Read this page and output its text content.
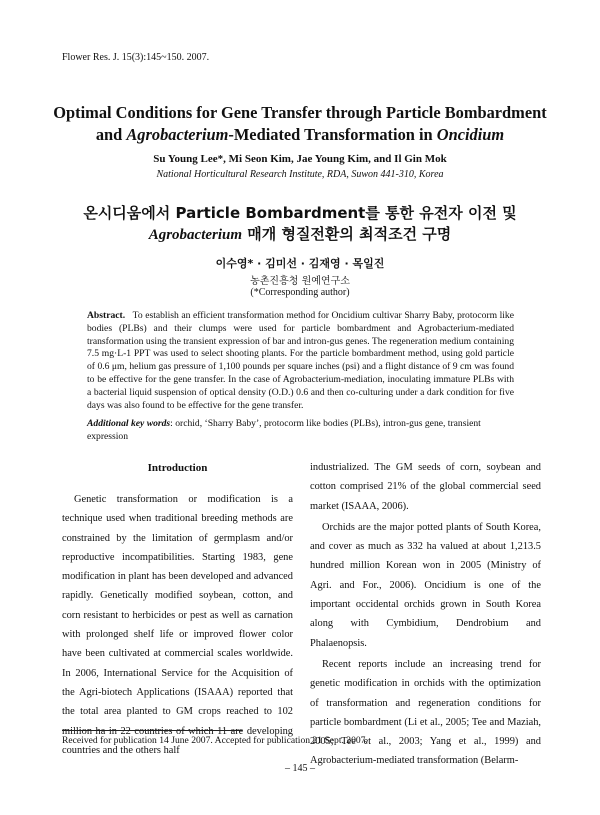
Flower Res. J. 15(3):145~150. 2007.
Optimal Conditions for Gene Transfer through Particle Bombardment
and Agrobacterium-Mediated Transformation in Oncidium
Su Young Lee*, Mi Seon Kim, Jae Young Kim, and Il Gin Mok
National Horticultural Research Institute, RDA, Suwon 441-310, Korea
온시디움에서 Particle Bombardment를 통한 유전자 이전 및
Agrobacterium 매개 형질전환의 최적조건 구명
이수영* · 김미선 · 김재영 · 목일진
농촌진흥청 원예연구소
(*Corresponding author)
Abstract. To establish an efficient transformation method for Oncidium cultivar Sharry Baby, protocorm like bodies (PLBs) and their clumps were used for particle bombardment and Agrobacterium-mediated transformation using the transient expression of bar and intron-gus genes. The regeneration medium containing 7.5 mg·L-1 PPT was used to select shooting plants. For the particle bombardment method, using gold particle of 0.6 μm, helium gas pressure of 1,100 pounds per square inches (psi) and a flight distance of 9 cm was found to be effective for the gene transfer. In the case of Agrobacterium-mediation, inoculating immature PLBs with a bacterial liquid suspension of optical density (O.D.) 0.6 and then co-culturing under a dark condition for five days was also found to be effective for the gene transfer.
Additional key words: orchid, ‘Sharry Baby’, protocorm like bodies (PLBs), intron-gus gene, transient expression
Introduction

Genetic transformation or modification is a technique used when traditional breeding methods are constrained by the limitation of germplasm and/or reproductive incompatibilities. Starting 1983, gene modification in plant has been developed and advanced rapidly. Genetically modified soybean, cotton, and corn resistant to herbicides or pest as well as carnation with prolonged shelf life or improved flower color have been cultivated at commercial scales worldwide. In 2006, International Service for the Acquisition of the Agri-biotech Applications (ISAAA) reported that the total area planted to GM crops reached to 102 million ha in 22 countries of which 11 are developing countries and the others half

industrialized. The GM seeds of corn, soybean and cotton comprised 21% of the global commercial seed market (ISAAA, 2006).

Orchids are the major potted plants of South Korea, and cover as much as 332 ha valued at about 1,213.5 hundred million Korean won in 2005 (Ministry of Agri. and For., 2006). Oncidium is one of the important occidental orchids grown in South Korea along with Cymbidium, Dendrobium and Phalaenopsis.

Recent reports include an increasing trend for genetic modification in orchids with the optimization of transformation and regeneration conditions for particle bombardment (Li et al., 2005; Tee and Maziah, 2005; Tee et al., 2003; Yang et al., 1999) and Agrobacterium-mediated transformation (Belarm-

Received for publication 14 June 2007. Accepted for publication 21 Sept. 2007.
– 145 –
